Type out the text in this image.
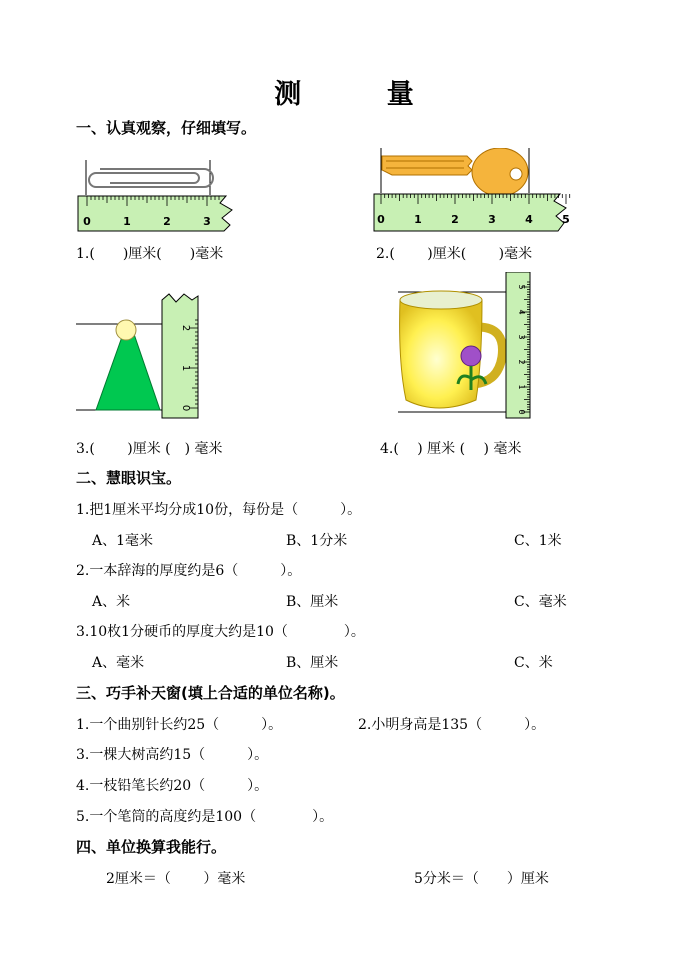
测 量
一、认真观察，仔细填写。
0	1	2	3	0	1	2	3	4	5
1.(　　)厘米(　　)毫米	2.(　　 )厘米(　　 )毫米
0
1
2
0
1
2
3
4
5
3.(　　 )厘米 (　) 毫米	4.( 　) 厘米 ( 　) 毫米
二、慧眼识宝。
1.把1厘米平均分成10份，每份是（　　　）。
A、1毫米	B、1分米	C、1米
2.一本辞海的厚度约是6（　　　）。
A、米	B、厘米	C、毫米
3.10枚1分硬币的厚度大约是10（　　　　）。
A、毫米	B、厘米	C、米
三、巧手补天窗(填上合适的单位名称)。
1.一个曲别针长约25（　　　）。	2.小明身高是135（　　　）。
3.一棵大树高约15（　　　）。
4.一枝铅笔长约20（　　　）。
5.一个笔筒的高度约是100（　　　　）。
四、单位换算我能行。
2厘米＝（　　 ）毫米	5分米＝（　　）厘米
